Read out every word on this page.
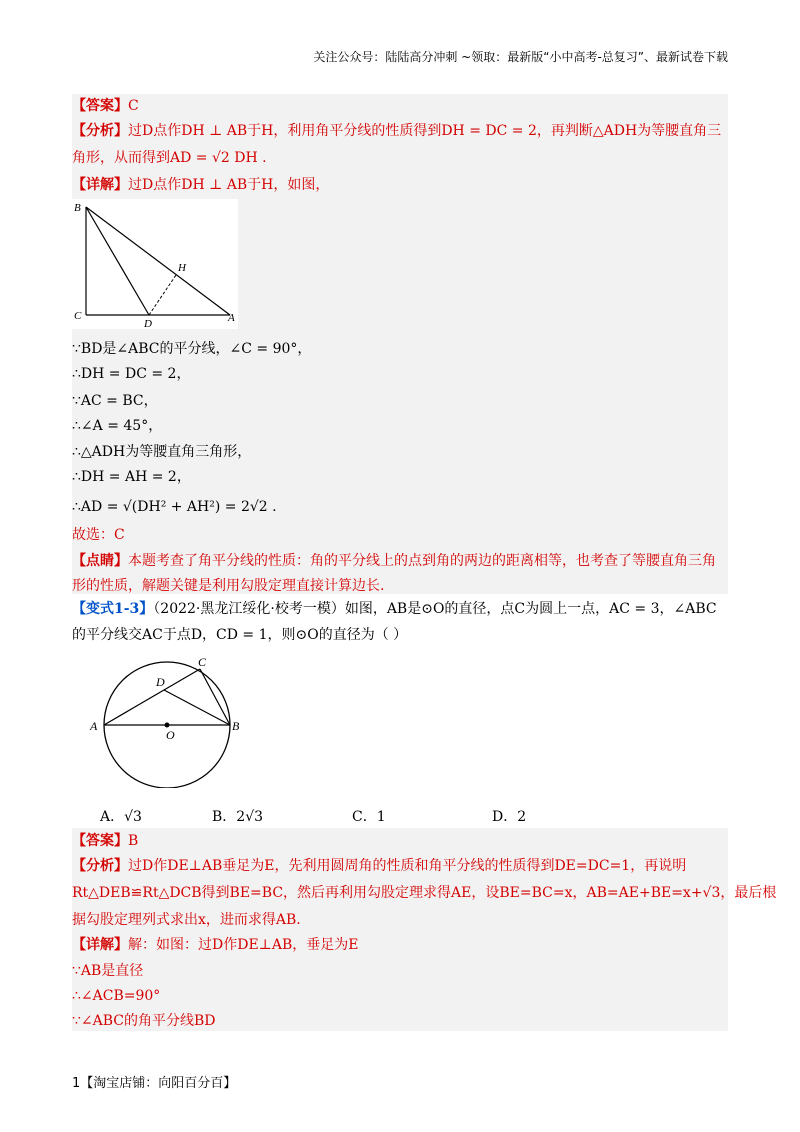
关注公众号：陆陆高分冲刺 ~领取：最新版“小中高考-总复习”、最新试卷下载
【答案】C
【分析】过D点作DH ⊥ AB于H，利用角平分线的性质得到DH = DC = 2，再判断△ADH为等腰直角三
角形，从而得到AD = √2 DH .
【详解】过D点作DH ⊥ AB于H，如图，
B
C
D	A
H
∵BD是∠ABC的平分线，∠C = 90°，
∴DH = DC = 2，
∵AC = BC，
∴∠A = 45°，
∴△ADH为等腰直角三角形，
∴DH = AH = 2，
∴AD = √(DH² + AH²) = 2√2 .
故选：C
【点睛】本题考查了角平分线的性质：角的平分线上的点到角的两边的距离相等，也考查了等腰直角三角
形的性质，解题关键是利用勾股定理直接计算边长.
【变式1-3】（2022·黑龙江绥化·校考一模）如图，AB是⊙O的直径，点C为圆上一点，AC = 3，∠ABC
的平分线交AC于点D，CD = 1，则⊙O的直径为（ ）
A	B
C
D
O
A．√3	B．2√3	C．1	D．2
【答案】B
【分析】过D作DE⊥AB垂足为E，先利用圆周角的性质和角平分线的性质得到DE=DC=1，再说明
Rt△DEB≌Rt△DCB得到BE=BC，然后再利用勾股定理求得AE，设BE=BC=x，AB=AE+BE=x+√3，最后根
据勾股定理列式求出x，进而求得AB.
【详解】解：如图：过D作DE⊥AB，垂足为E
∵AB是直径
∴∠ACB=90°
∵∠ABC的角平分线BD
1【淘宝店铺：向阳百分百】
